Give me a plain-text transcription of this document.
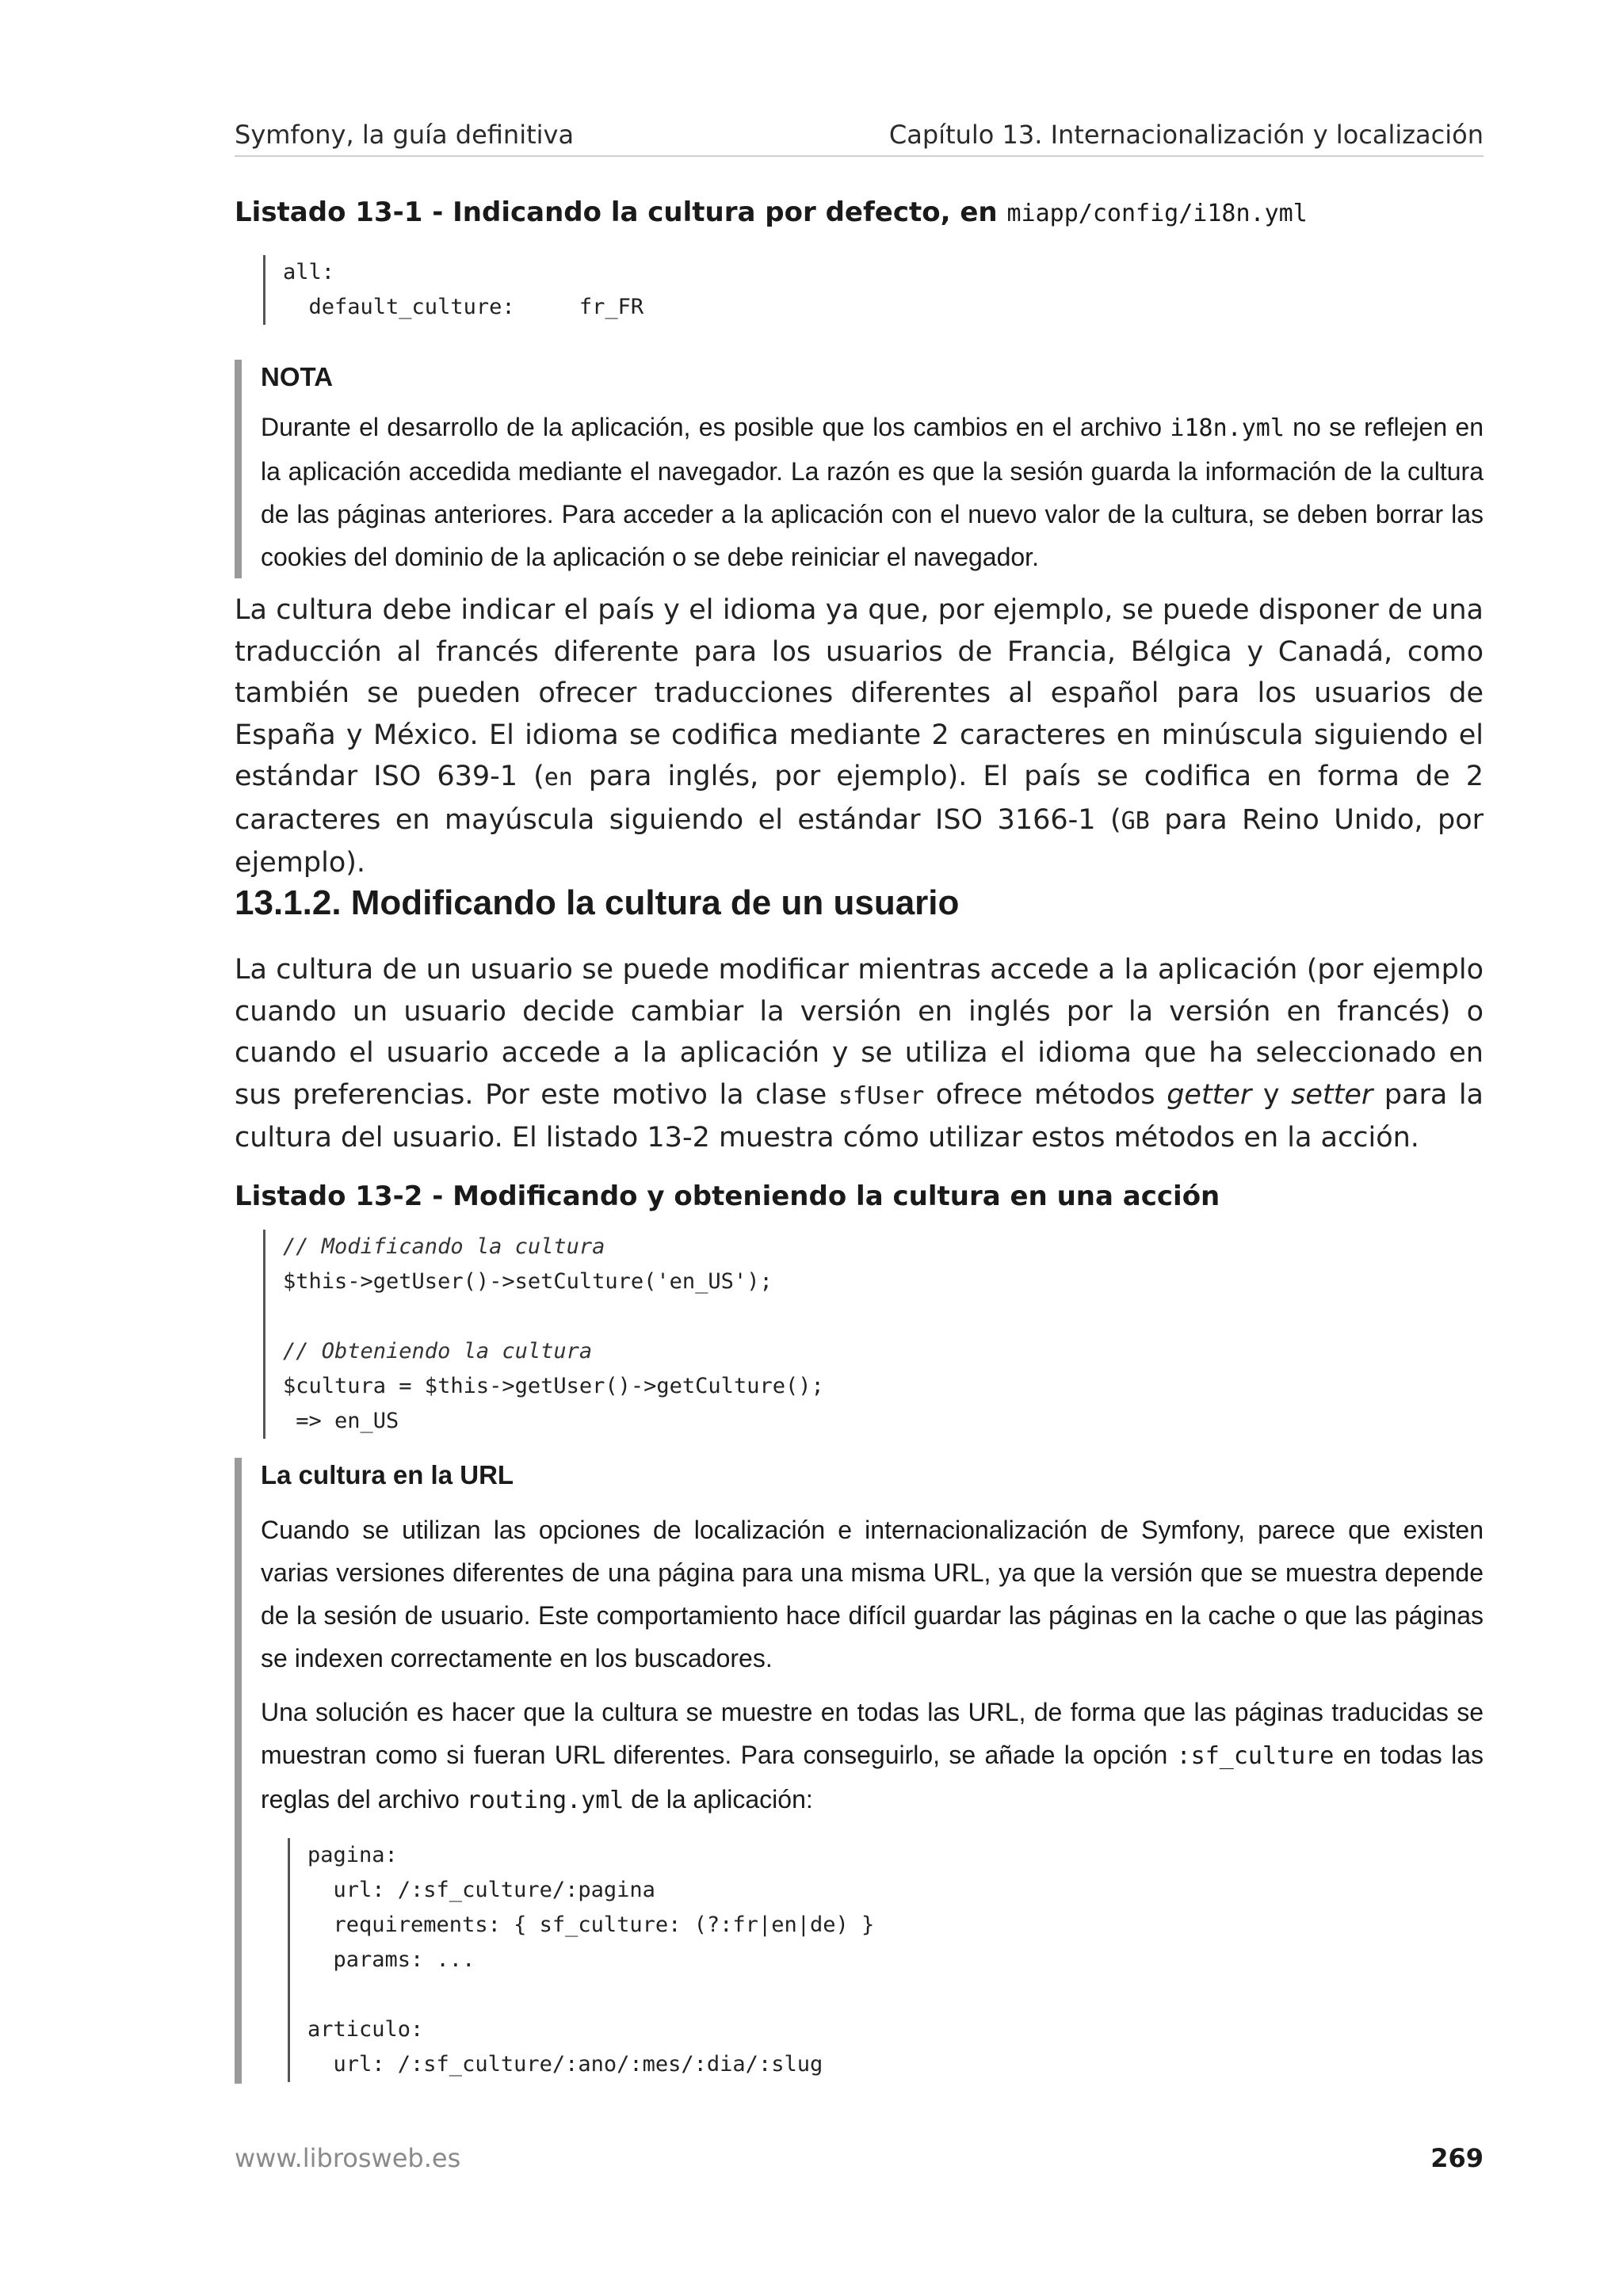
Symfony, la guía definitiva	Capítulo 13. Internacionalización y localización
Listado 13-1 - Indicando la cultura por defecto, en miapp/config/i18n.yml
all:
default_culture:     fr_FR
NOTA

Durante el desarrollo de la aplicación, es posible que los cambios en el archivo i18n.yml no se reflejen en la aplicación accedida mediante el navegador. La razón es que la sesión guarda la información de la cultura de las páginas anteriores. Para acceder a la aplicación con el nuevo valor de la cultura, se deben borrar las cookies del dominio de la aplicación o se debe reiniciar el navegador.

La cultura debe indicar el país y el idioma ya que, por ejemplo, se puede disponer de una traducción al francés diferente para los usuarios de Francia, Bélgica y Canadá, como también se pueden ofrecer traducciones diferentes al español para los usuarios de España y México. El idioma se codifica mediante 2 caracteres en minúscula siguiendo el estándar ISO 639-1 (en para inglés, por ejemplo). El país se codifica en forma de 2 caracteres en mayúscula siguiendo el estándar ISO 3166-1 (GB para Reino Unido, por ejemplo).

13.1.2. Modificando la cultura de un usuario

La cultura de un usuario se puede modificar mientras accede a la aplicación (por ejemplo cuando un usuario decide cambiar la versión en inglés por la versión en francés) o cuando el usuario accede a la aplicación y se utiliza el idioma que ha seleccionado en sus preferencias. Por este motivo la clase sfUser ofrece métodos getter y setter para la cultura del usuario. El listado 13-2 muestra cómo utilizar estos métodos en la acción.

Listado 13-2 - Modificando y obteniendo la cultura en una acción
// Modificando la cultura
$this->getUser()->setCulture('en_US');

// Obteniendo la cultura
$cultura = $this->getUser()->getCulture();
=> en_US
La cultura en la URL

Cuando se utilizan las opciones de localización e internacionalización de Symfony, parece que existen varias versiones diferentes de una página para una misma URL, ya que la versión que se muestra depende de la sesión de usuario. Este comportamiento hace difícil guardar las páginas en la cache o que las páginas se indexen correctamente en los buscadores.

Una solución es hacer que la cultura se muestre en todas las URL, de forma que las páginas traducidas se muestran como si fueran URL diferentes. Para conseguirlo, se añade la opción :sf_culture en todas las reglas del archivo routing.yml de la aplicación:

pagina:
url: /:sf_culture/:pagina
requirements: { sf_culture: (?:fr|en|de) }
params: ...

articulo:
url: /:sf_culture/:ano/:mes/:dia/:slug
www.librosweb.es	269
